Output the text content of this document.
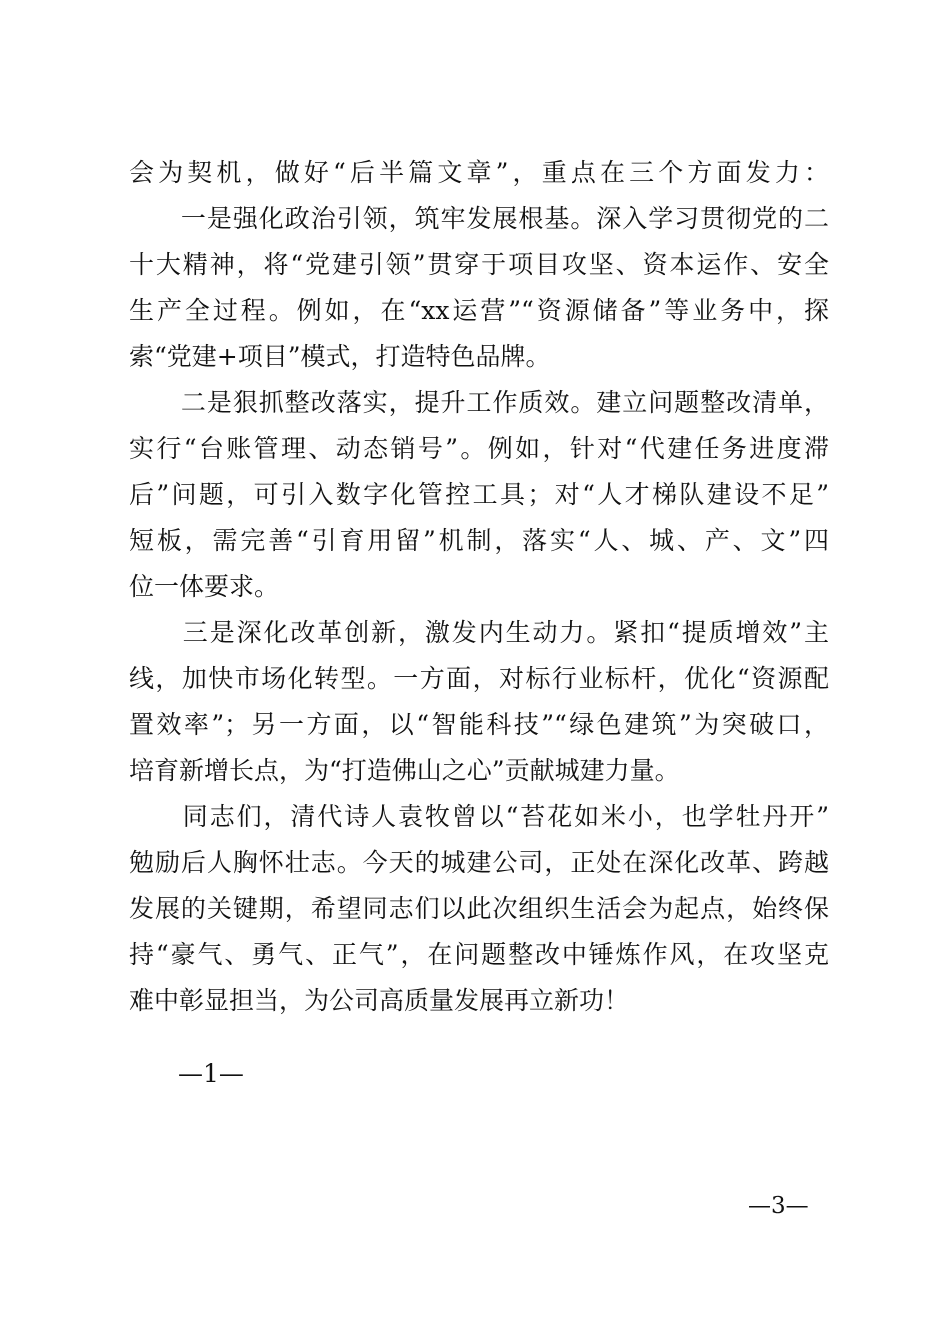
会为契机，做好“后半篇文章”，重点在三个方面发力：
　　一是强化政治引领，筑牢发展根基。深入学习贯彻党的二
十大精神，将“党建引领”贯穿于项目攻坚、资本运作、安全
生产全过程。例如，在“xx运营”“资源储备”等业务中，探
索“党建+项目”模式，打造特色品牌。
　　二是狠抓整改落实，提升工作质效。建立问题整改清单，
实行“台账管理、动态销号”。例如，针对“代建任务进度滞
后”问题，可引入数字化管控工具；对“人才梯队建设不足”
短板，需完善“引育用留”机制，落实“人、城、产、文”四
位一体要求。
　　三是深化改革创新，激发内生动力。紧扣“提质增效”主
线，加快市场化转型。一方面，对标行业标杆，优化“资源配
置效率”；另一方面，以“智能科技”“绿色建筑”为突破口，
培育新增长点，为“打造佛山之心”贡献城建力量。
　　同志们，清代诗人袁牧曾以“苔花如米小，也学牡丹开”
勉励后人胸怀壮志。今天的城建公司，正处在深化改革、跨越
发展的关键期，希望同志们以此次组织生活会为起点，始终保
持“豪气、勇气、正气”，在问题整改中锤炼作风，在攻坚克
难中彰显担当，为公司高质量发展再立新功！
—1—
—3—
